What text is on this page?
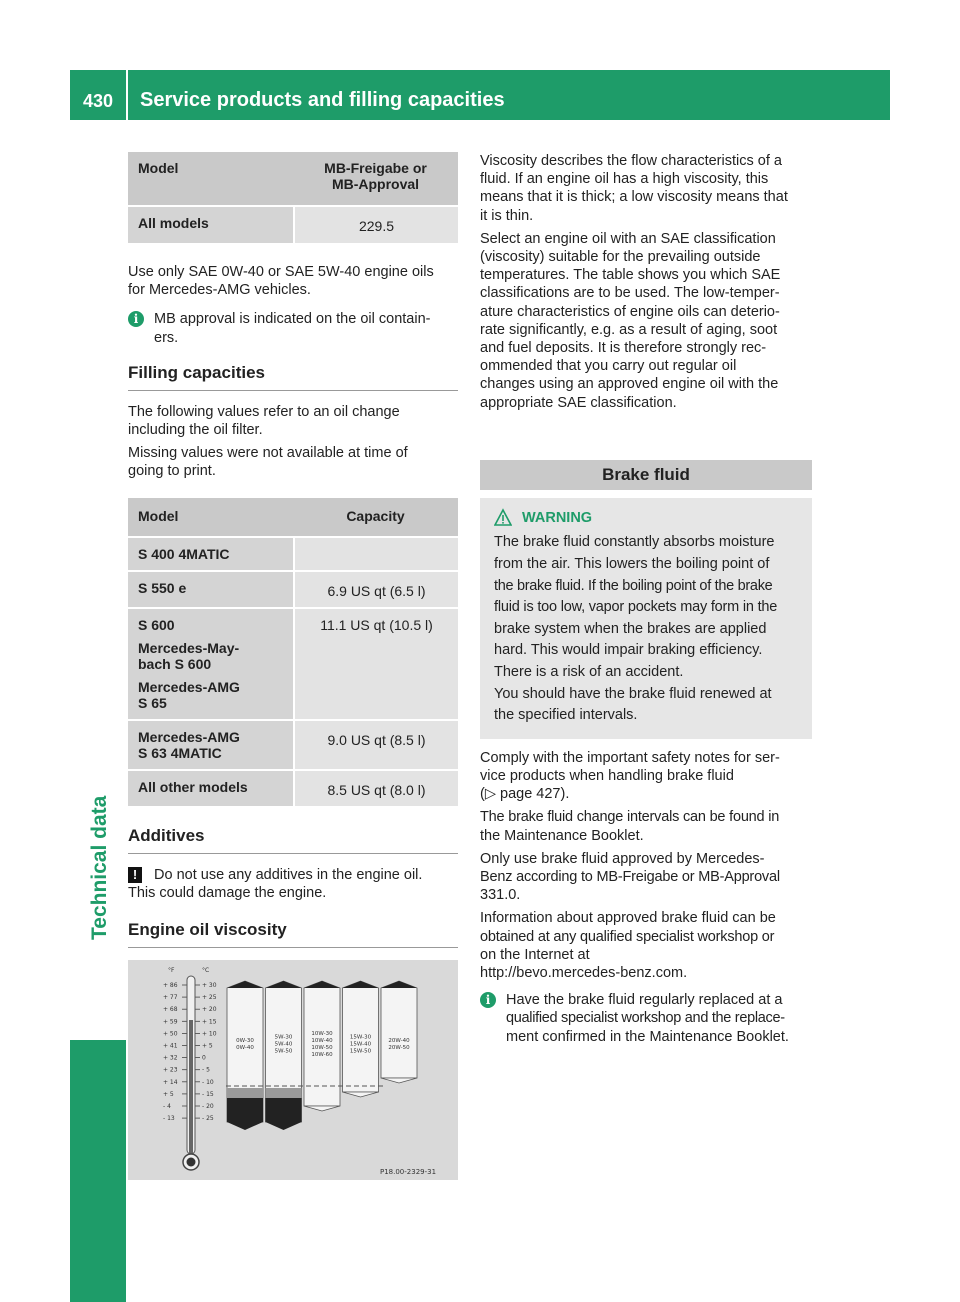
430	Service products and filling capacities
Technical data
Model	MB-Freigabe or
MB-Approval

All models	229.5

Use only SAE 0W-40 or SAE 5W-40 engine oils
for Mercedes-AMG vehicles.

i	MB approval is indicated on the oil contain-
ers.
Filling capacities

The following values refer to an oil change
including the oil filter.

Missing values were not available at time of
going to print.

Model	Capacity

S 400 4MATIC	

S 550 e	6.9 US qt (6.5 l)

S 600
Mercedes-May-
bach S 600
Mercedes-AMG
S 65	11.1 US qt (10.5 l)

Mercedes-AMG
S 63 4MATIC	9.0 US qt (8.5 l)

All other models	8.5 US qt (8.0 l)
Additives
!	Do not use any additives in the engine oil.
This could damage the engine.
Engine oil viscosity
°F	°C
+ 86
+ 77
+ 68
+ 59
+ 50
+ 41
+ 32
+ 23
+ 14
+ 5
- 4
- 13
+ 30
+ 25
+ 20
+ 15
+ 10
+ 5
0
- 5
- 10
- 15
- 20
- 25
0W-30
0W-40
5W-30
5W-40
5W-50
10W-30
10W-40
10W-50
10W-60
15W-30
15W-40
15W-50
20W-40
20W-50
P18.00-2329-31

Viscosity describes the flow characteristics of a
fluid. If an engine oil has a high viscosity, this
means that it is thick; a low viscosity means that
it is thin.

Select an engine oil with an SAE classification
(viscosity) suitable for the prevailing outside
temperatures. The table shows you which SAE
classifications are to be used. The low-temper-
ature characteristics of engine oils can deterio-
rate significantly, e.g. as a result of aging, soot
and fuel deposits. It is therefore strongly rec-
ommended that you carry out regular oil
changes using an approved engine oil with the
appropriate SAE classification.

Brake fluid
WARNING

The brake fluid constantly absorbs moisture
from the air. This lowers the boiling point of
the brake fluid. If the boiling point of the brake
fluid is too low, vapor pockets may form in the
brake system when the brakes are applied
hard. This would impair braking efficiency.

There is a risk of an accident.

You should have the brake fluid renewed at
the specified intervals.

Comply with the important safety notes for ser-
vice products when handling brake fluid
(▷ page 427).

The brake fluid change intervals can be found in
the Maintenance Booklet.

Only use brake fluid approved by Mercedes-
Benz according to MB-Freigabe or MB-Approval
331.0.

Information about approved brake fluid can be
obtained at any qualified specialist workshop or
on the Internet at
http://bevo.mercedes-benz.com.

i	Have the brake fluid regularly replaced at a
qualified specialist workshop and the replace-
ment confirmed in the Maintenance Booklet.
